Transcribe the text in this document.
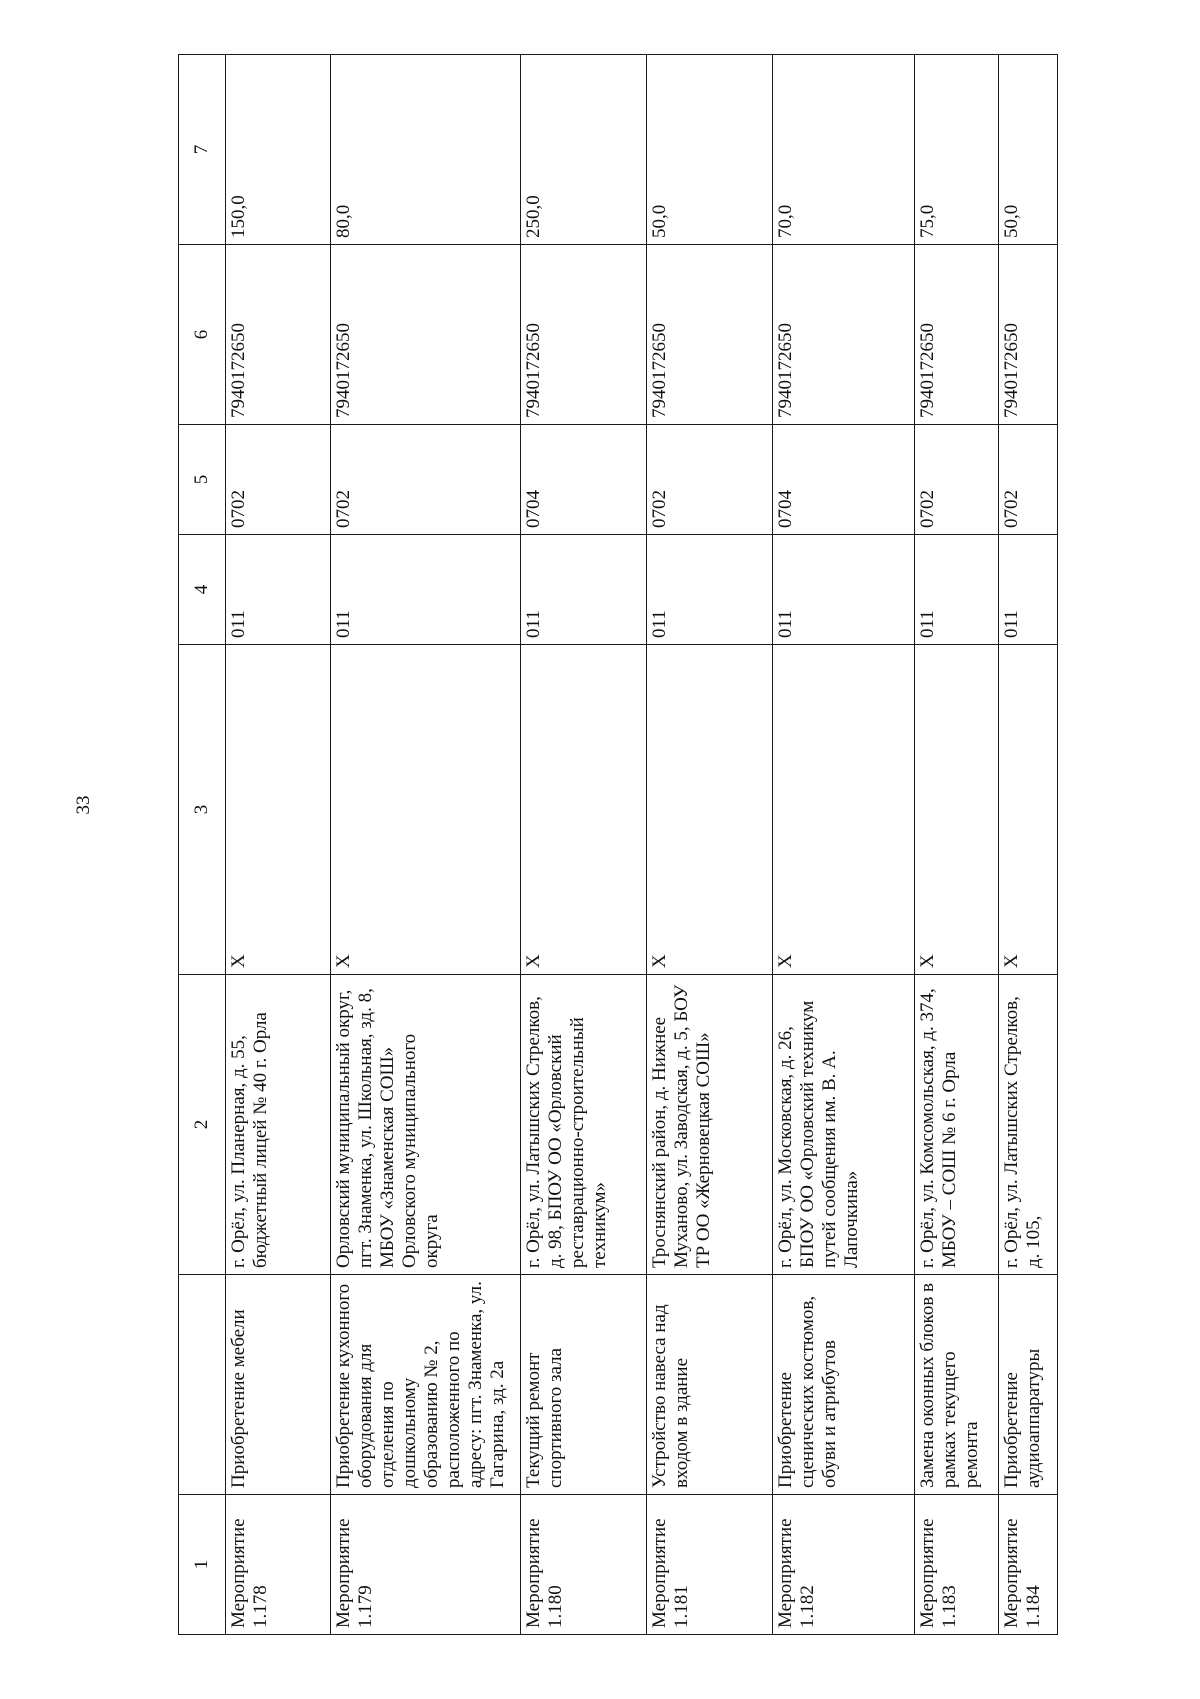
33
1		2	3	4	5	6	7
Мероприятие 1.178	Приобретение мебели	г. Орёл, ул. Планерная, д. 55, бюджетный лицей № 40 г. Орла	Х	011	0702	7940172650	150,0
Мероприятие 1.179	Приобретение кухонного оборудования для отделения по дошкольному образованию № 2, расположенного по адресу: пгт. Знаменка, ул. Гагарина, зд. 2а	Орловский муниципальный округ, пгт. Знаменка, ул. Школьная, зд. 8, МБОУ «Знаменская СОШ» Орловского муниципального округа	Х	011	0702	7940172650	80,0
Мероприятие 1.180	Текущий ремонт спортивного зала	г. Орёл, ул. Латышских Стрелков, д. 98, БПОУ ОО «Орловский реставрационно-строительный техникум»	Х	011	0704	7940172650	250,0
Мероприятие 1.181	Устройство навеса над входом в здание	Троснянский район, д. Нижнее Муханово, ул. Заводская, д. 5, БОУ ТР ОО «Жерновецкая СОШ»	Х	011	0702	7940172650	50,0
Мероприятие 1.182	Приобретение сценических костюмов, обуви и атрибутов	г. Орёл, ул. Московская, д. 26, БПОУ ОО «Орловский техникум путей сообщения им. В. А. Лапочкина»	Х	011	0704	7940172650	70,0
Мероприятие 1.183	Замена оконных блоков в рамках текущего ремонта	г. Орёл, ул. Комсомольская, д. 374, МБОУ – СОШ № 6 г. Орла	Х	011	0702	7940172650	75,0
Мероприятие 1.184	Приобретение аудиоаппаратуры	г. Орёл, ул. Латышских Стрелков, д. 105,	Х	011	0702	7940172650	50,0
